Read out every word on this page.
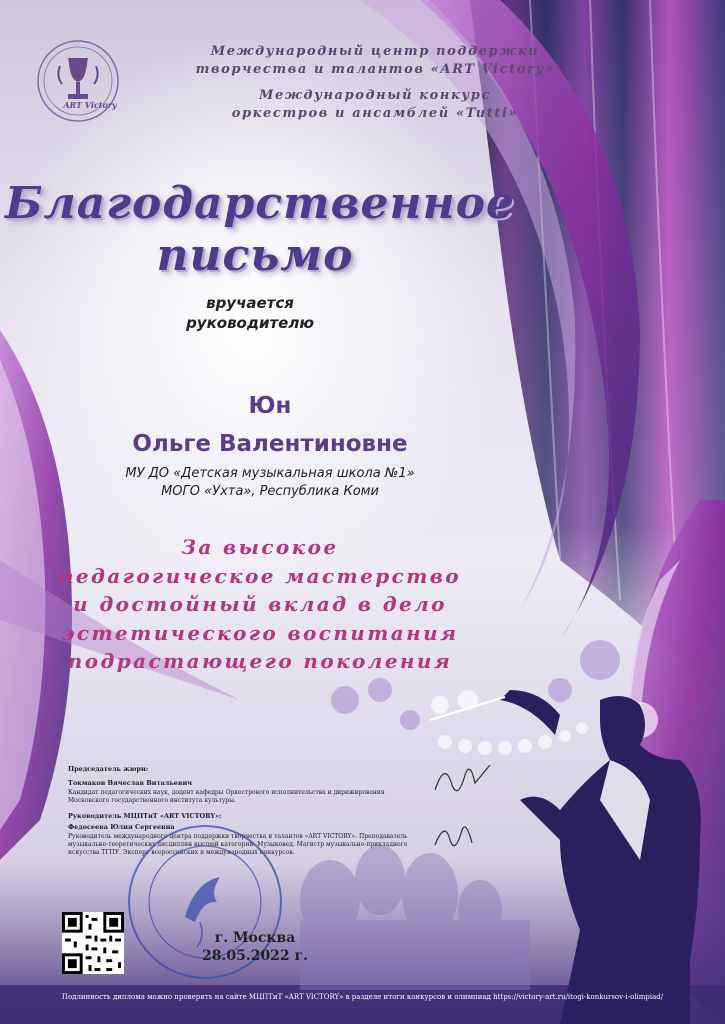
ART Victory
Международный центр поддержки
творчества и талантов «ART Victory»
Международный конкурс
оркестров и ансамблей «Tutti»
Благодарственное
письмо
вручается
руководителю
Юн
Ольге Валентиновне
МУ ДО «Детская музыкальная школа №1»
МОГО «Ухта», Республика Коми
За высокое
педагогическое мастерство
и достойный вклад в дело
эстетического воспитания
подрастающего поколения
Председатель жюри:
Токмаков Вячеслав Витальевич
Кандидат педагогических наук, доцент кафедры Оркестрового исполнительства и дирижирования Московского государственного института культуры.
Руководитель МЦПТиТ «ART VICTORY»:
Федосеева Юлия Сергеевна
Руководитель международного центра поддержки творчества и талантов «ART VICTORY». Преподаватель музыкально-теоретических дисциплин высшей категории. Музыковед. Магистр музыкально-прикладного искусства ТГПУ. Эксперт всероссийских и международных конкурсов.
г. Москва
28.05.2022 г.
Подлинность диплома можно проверить на сайте МЦПТиТ «ART VICTORY» в разделе итоги конкурсов и олимпиад https://victory-art.ru/itogi-konkursov-i-olimpiad/
